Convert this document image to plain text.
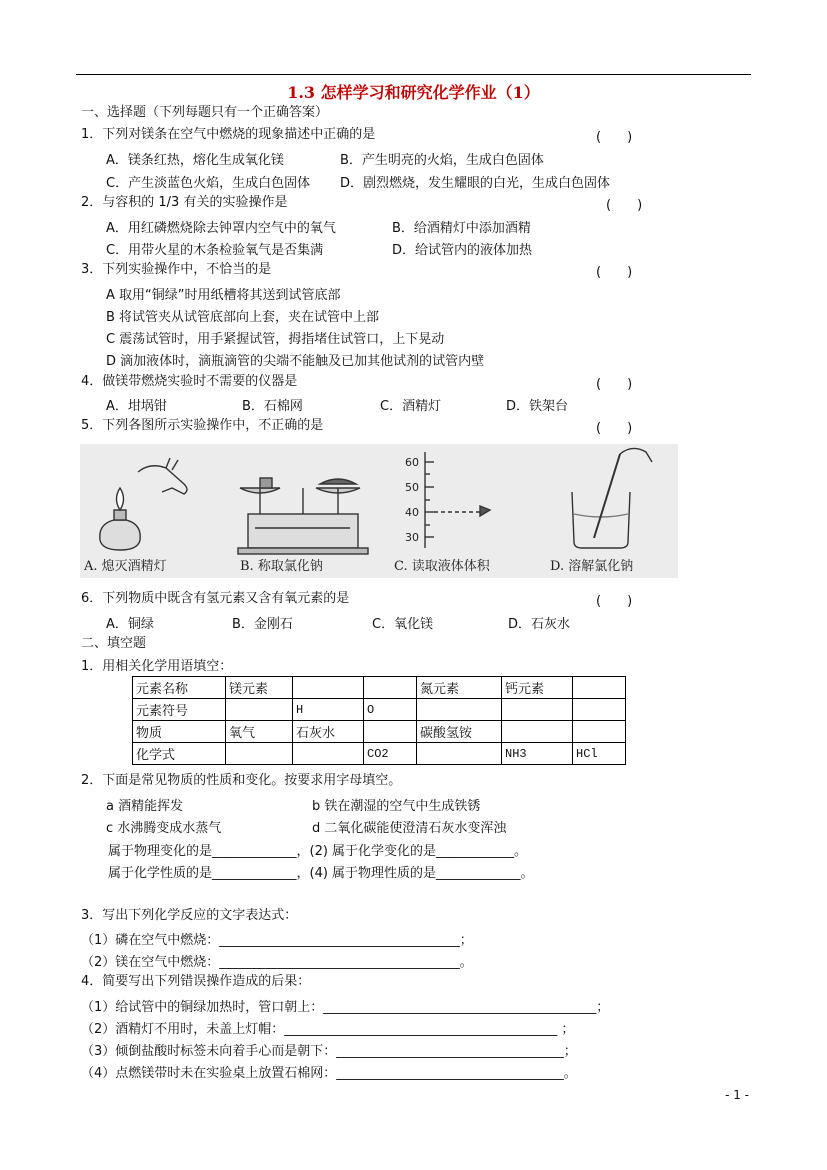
1.3 怎样学习和研究化学作业（1）
一、选择题（下列每题只有一个正确答案）
1．下列对镁条在空气中燃烧的现象描述中正确的是	(　　)
A．镁条红热，熔化生成氧化镁	B．产生明亮的火焰，生成白色固体
C．产生淡蓝色火焰，生成白色固体 D．剧烈燃烧，发生耀眼的白光，生成白色固体
2．与容积的 1/3 有关的实验操作是	(　　)
A．用红磷燃烧除去钟罩内空气中的氧气	B．给酒精灯中添加酒精
C．用带火星的木条检验氧气是否集满	D．给试管内的液体加热
3．下列实验操作中，不恰当的是	(　　)
A 取用“铜绿”时用纸槽将其送到试管底部
B 将试管夹从试管底部向上套，夹在试管中上部
C 震荡试管时，用手紧握试管，拇指堵住试管口，上下晃动
D 滴加液体时，滴瓶滴管的尖端不能触及已加其他试剂的试管内壁
4．做镁带燃烧实验时不需要的仪器是	(　　)
A．坩埚钳	B．石棉网	C．酒精灯	D．铁架台
5．下列各图所示实验操作中，不正确的是	(　　)
60
50
40
30
A. 熄灭酒精灯	B. 称取氯化钠	C. 读取液体体积	D. 溶解氯化钠
6．下列物质中既含有氢元素又含有氧元素的是	(　　)
A．铜绿	B．金刚石	C．氧化镁	D．石灰水
二、填空题
1．用相关化学用语填空：
元素名称	镁元素			氮元素	钙元素	
元素符号		H	O			
物质	氧气	石灰水		碳酸氢铵		
化学式			CO2		NH3	HCl
2．下面是常见物质的性质和变化。按要求用字母填空。
a 酒精能挥发	b 铁在潮湿的空气中生成铁锈
c 水沸腾变成水蒸气	d 二氧化碳能使澄清石灰水变浑浊
属于物理变化的是_____________，(2) 属于化学变化的是____________。
属于化学性质的是_____________，(4) 属于物理性质的是_____________。
3．写出下列化学反应的文字表达式：
（1）磷在空气中燃烧：_____________________________________；
（2）镁在空气中燃烧：_____________________________________。
4．简要写出下列错误操作造成的后果：
（1）给试管中的铜绿加热时，管口朝上：__________________________________________；
（2）酒精灯不用时，未盖上灯帽：__________________________________________ ；
（3）倾倒盐酸时标签未向着手心而是朝下：___________________________________；
（4）点燃镁带时未在实验桌上放置石棉网：___________________________________。
- 1 -
